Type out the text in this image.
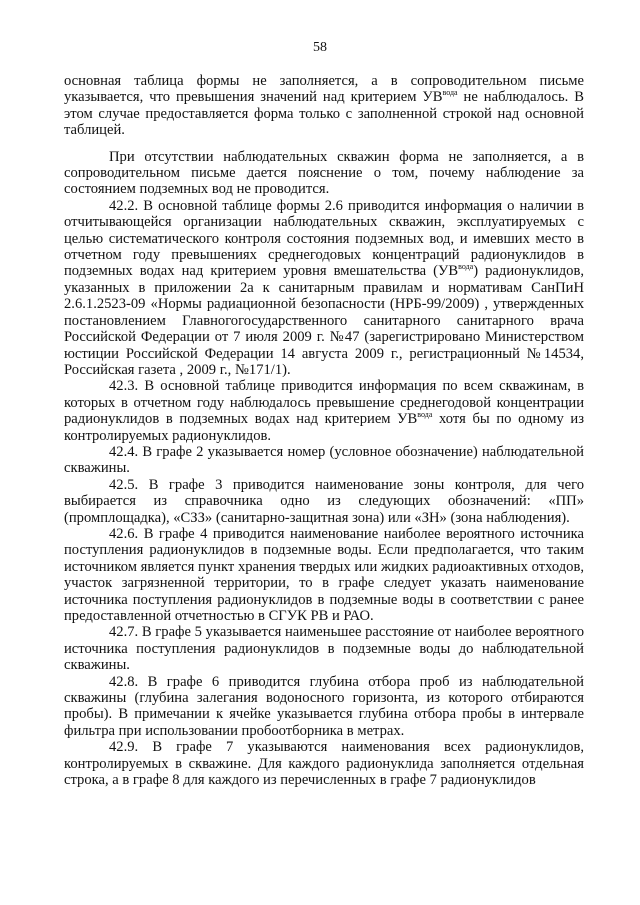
58

основная таблица формы не заполняется, а в сопроводительном письме указывается, что превышения значений над критерием $УВ^{вода}$ не наблюдалось. В этом случае предоставляется форма только с заполненной строкой над основной таблицей.

При отсутствии наблюдательных скважин форма не заполняется, а в сопроводительном письме дается пояснение о том, почему наблюдение за состоянием подземных вод не проводится.

42.2. В основной таблице формы 2.6 приводится информация о наличии в отчитывающейся организации наблюдательных скважин, эксплуатируемых с целью систематического контроля состояния подземных вод, и имевших место в отчетном году превышениях среднегодовых концентраций радионуклидов в подземных водах над критерием уровня вмешательства $(УВ^{вода})$ радионуклидов, указанных в приложении 2а к санитарным правилам и нормативам СанПиН 2.6.1.2523-09 «Нормы радиационной безопасности (НРБ-99/2009) , утвержденных постановлением Главногогосударственного санитарного санитарного врача Российской Федерации от 7 июля 2009 г. №47 (зарегистрировано Министерством юстиции Российской Федерации 14 августа 2009 г., регистрационный №14534, Российская газета , 2009 г., №171/1).

42.3. В основной таблице приводится информация по всем скважинам, в которых в отчетном году наблюдалось превышение среднегодовой концентрации радионуклидов в подземных водах над критерием $УВ^{вода}$ хотя бы по одному из контролируемых радионуклидов.

42.4. В графе 2 указывается номер (условное обозначение) наблюдательной скважины.

42.5. В графе 3 приводится наименование зоны контроля, для чего выбирается из справочника одно из следующих обозначений: «ПП» (промплощадка), «СЗЗ» (санитарно-защитная зона) или «ЗН» (зона наблюдения).

42.6. В графе 4 приводится наименование наиболее вероятного источника поступления радионуклидов в подземные воды. Если предполагается, что таким источником является пункт хранения твердых или жидких радиоактивных отходов, участок загрязненной территории, то в графе следует указать наименование источника поступления радионуклидов в подземные воды в соответствии с ранее предоставленной отчетностью в СГУК РВ и РАО.

42.7. В графе 5 указывается наименьшее расстояние от наиболее вероятного источника поступления радионуклидов в подземные воды до наблюдательной скважины.

42.8. В графе 6 приводится глубина отбора проб из наблюдательной скважины (глубина залегания водоносного горизонта, из которого отбираются пробы). В примечании к ячейке указывается глубина отбора пробы в интервале фильтра при использовании пробоотборника в метрах.

42.9. В графе 7 указываются наименования всех радионуклидов, контролируемых в скважине. Для каждого радионуклида заполняется отдельная строка, а в графе 8 для каждого из перечисленных в графе 7 радионуклидов
